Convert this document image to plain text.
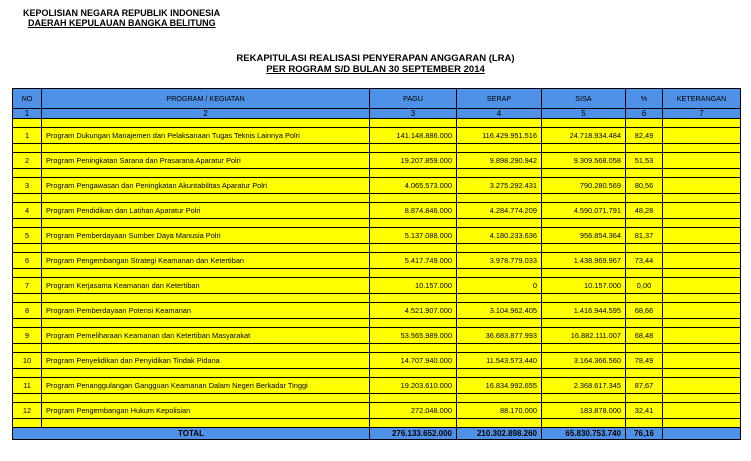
KEPOLISIAN NEGARA REPUBLIK INDONESIA
DAERAH KEPULAUAN BANGKA BELITUNG
REKAPITULASI REALISASI PENYERAPAN ANGGARAN (LRA)
PER ROGRAM S/D BULAN 30 SEPTEMBER 2014
NO	PROGRAM / KEGIATAN	PAGU	SERAP	SISA	%	KETERANGAN
1	2	3	4	5	6	7

1	Program Dukungan Manajemen dan Pelaksanaan Tugas Teknis Lainnya Polri	141.148.886.000	116.429.951.516	24.718.934.484	82,49	

2	Program Peningkatan Sarana dan Prasarana Aparatur Polri	19.207.859.000	9.898.290.942	9.309.568.058	51,53	

3	Program Pengawasan dan Peningkatan Akuntabilitas Aparatur Polri	4.065.573.000	3.275.292.431	790.280.569	80,56	

4	Program Pendidikan dan Latihan Aparatur Polri	8.874.846.000	4.284.774.209	4.590.071.791	48,28	

5	Program Pemberdayaan Sumber Daya Manusia Polri	5.137.088.000	4.180.233.636	956.854.364	81,37	

6	Program Pengembangan Strategi Keamanan dan Ketertiban	5.417.749.000	3.978.779.033	1.438.969.967	73,44	

7	Program Kerjasama Keamanan dan Ketertiban	10.157.000	0	10.157.000	0,00	

8	Program Pemberdayaan Potensi Keamanan	4.521.907.000	3.104.962.405	1.416.944.595	68,66	

9	Program Pemeliharaan Keamanan dan Ketertiban Masyarakat	53.565.989.000	36.683.877.993	16.882.111.007	68,48	

10	Program Penyelidikan dan Penyidikan Tindak Pidana	14.707.940.000	11.543.573.440	3.164.366.560	78,49	

11	Program Penanggulangan Gangguan Keamanan Dalam Negeri Berkadar Tinggi	19.203.610.000	16.834.992.655	2.368.617.345	87,67	

12	Program Pengembangan Hukum Kepolisian	272.048.000	88.170.000	183.878.000	32,41	

TOTAL		276.133.652.000	210.302.898.260	65.830.753.740	76,16	
